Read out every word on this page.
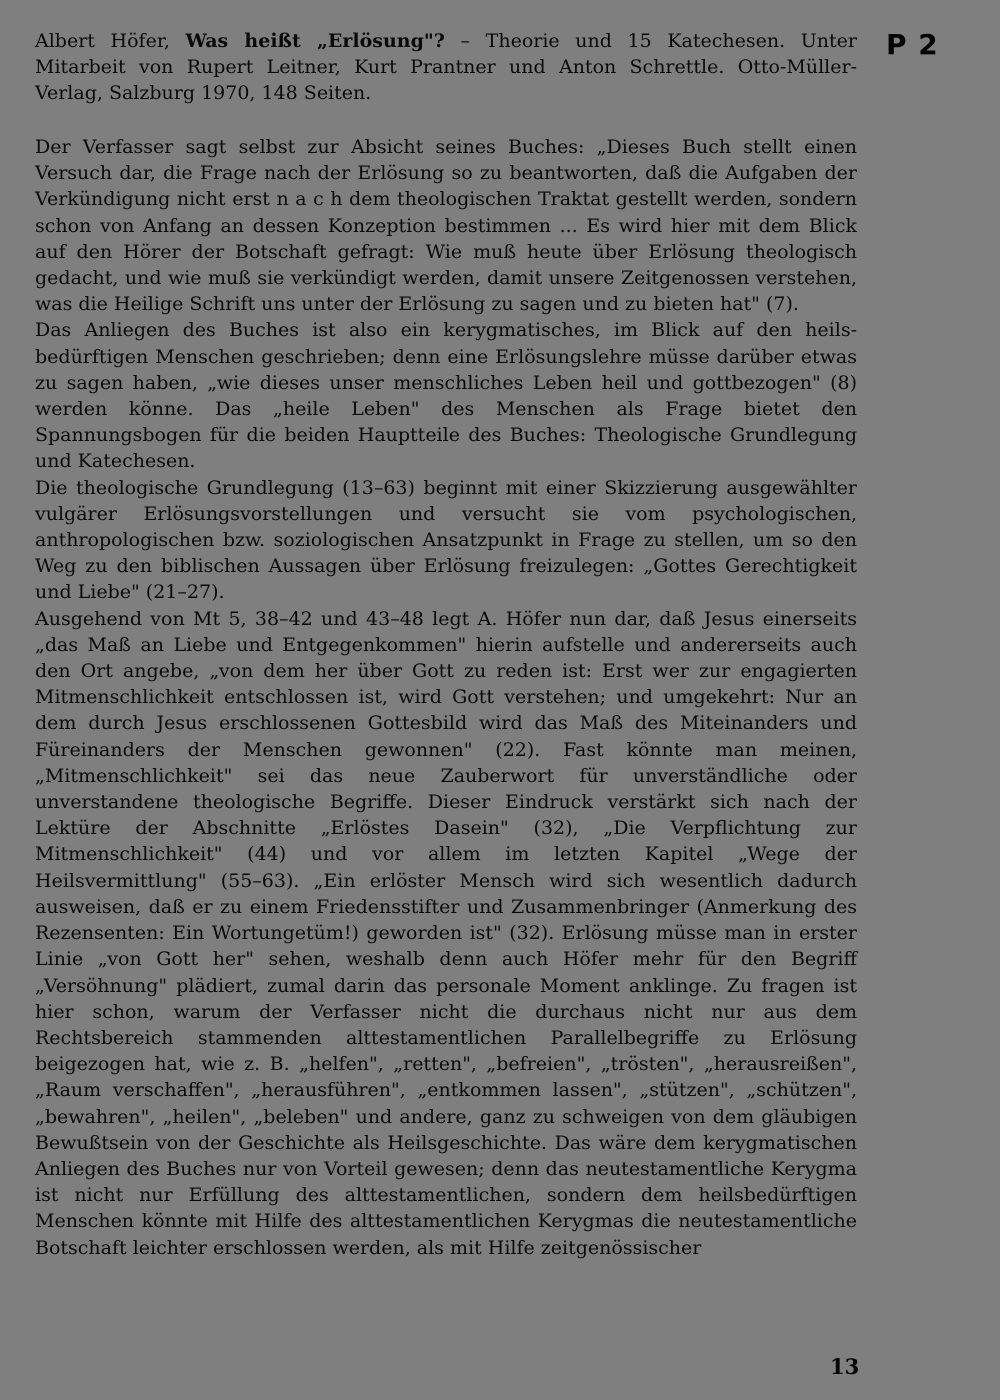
P 2
Albert Höfer, Was heißt „Erlösung"? – Theorie und 15 Katechesen. Unter Mitarbeit von Rupert Leitner, Kurt Prantner und Anton Schrettle. Otto-Müller-Verlag, Salzburg 1970, 148 Seiten.

Der Verfasser sagt selbst zur Absicht seines Buches: „Dieses Buch stellt einen Versuch dar, die Frage nach der Erlösung so zu beantworten, daß die Aufgaben der Verkündigung nicht erst n a c h dem theologischen Traktat gestellt werden, sondern schon von Anfang an dessen Konzeption bestimmen ... Es wird hier mit dem Blick auf den Hörer der Botschaft gefragt: Wie muß heute über Erlösung theologisch gedacht, und wie muß sie verkündigt werden, damit unsere Zeitgenossen verstehen, was die Heilige Schrift uns unter der Erlösung zu sagen und zu bieten hat" (7).

Das Anliegen des Buches ist also ein kerygmatisches, im Blick auf den heilsbedürftigen Menschen geschrieben; denn eine Erlösungslehre müsse darüber etwas zu sagen haben, „wie dieses unser menschliches Leben heil und gottbezogen" (8) werden könne. Das „heile Leben" des Menschen als Frage bietet den Spannungsbogen für die beiden Hauptteile des Buches: Theologische Grundlegung und Katechesen.

Die theologische Grundlegung (13–63) beginnt mit einer Skizzierung ausgewählter vulgärer Erlösungsvorstellungen und versucht sie vom psychologischen, anthropologischen bzw. soziologischen Ansatzpunkt in Frage zu stellen, um so den Weg zu den biblischen Aussagen über Erlösung freizulegen: „Gottes Gerechtigkeit und Liebe" (21–27).

Ausgehend von Mt 5, 38–42 und 43–48 legt A. Höfer nun dar, daß Jesus einerseits „das Maß an Liebe und Entgegenkommen" hierin aufstelle und andererseits auch den Ort angebe, „von dem her über Gott zu reden ist: Erst wer zur engagierten Mitmenschlichkeit entschlossen ist, wird Gott verstehen; und umgekehrt: Nur an dem durch Jesus erschlossenen Gottesbild wird das Maß des Miteinanders und Füreinanders der Menschen gewonnen" (22). Fast könnte man meinen, „Mitmenschlichkeit" sei das neue Zauberwort für unverständliche oder unverstandene theologische Begriffe. Dieser Eindruck verstärkt sich nach der Lektüre der Abschnitte „Erlöstes Dasein" (32), „Die Verpflichtung zur Mitmenschlichkeit" (44) und vor allem im letzten Kapitel „Wege der Heilsvermittlung" (55–63). „Ein erlöster Mensch wird sich wesentlich dadurch ausweisen, daß er zu einem Friedensstifter und Zusammenbringer (Anmerkung des Rezensenten: Ein Wortungetüm!) geworden ist" (32). Erlösung müsse man in erster Linie „von Gott her" sehen, weshalb denn auch Höfer mehr für den Begriff „Versöhnung" plädiert, zumal darin das personale Moment anklinge. Zu fragen ist hier schon, warum der Verfasser nicht die durchaus nicht nur aus dem Rechtsbereich stammenden alttestamentlichen Parallelbegriffe zu Erlösung beigezogen hat, wie z. B. „helfen", „retten", „befreien", „trösten", „herausreißen", „Raum verschaffen", „herausführen", „entkommen lassen", „stützen", „schützen", „bewahren", „heilen", „beleben" und andere, ganz zu schweigen von dem gläubigen Bewußtsein von der Geschichte als Heilsgeschichte. Das wäre dem kerygmatischen Anliegen des Buches nur von Vorteil gewesen; denn das neutestamentliche Kerygma ist nicht nur Erfüllung des alttestamentlichen, sondern dem heilsbedürftigen Menschen könnte mit Hilfe des alttestamentlichen Kerygmas die neutestamentliche Botschaft leichter erschlossen werden, als mit Hilfe zeitgenössischer

13
